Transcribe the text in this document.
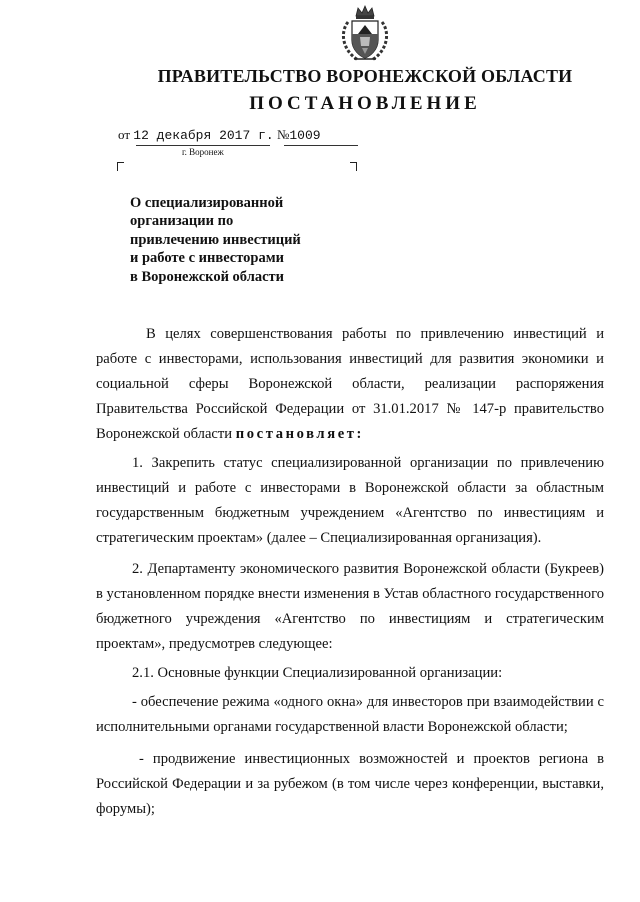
ПРАВИТЕЛЬСТВО ВОРОНЕЖСКОЙ ОБЛАСТИ
ПОСТАНОВЛЕНИЕ
от 12 декабря 2017 г. №1009
г. Воронеж
О специализированной
организации по
привлечению инвестиций
и работе с инвесторами
в Воронежской области

В целях совершенствования работы по привлечению инвестиций и работе с инвесторами, использования инвестиций для развития экономики и социальной сферы Воронежской области, реализации распоряжения Правительства Российской Федерации от 31.01.2017 № 147-р правительство Воронежской области постановляет:

1. Закрепить статус специализированной организации по привлечению инвестиций и работе с инвесторами в Воронежской области за областным государственным бюджетным учреждением «Агентство по инвестициям и стратегическим проектам» (далее – Специализированная организация).

2. Департаменту экономического развития Воронежской области (Букреев) в установленном порядке внести изменения в Устав областного государственного бюджетного учреждения «Агентство по инвестициям и стратегическим проектам», предусмотрев следующее:

2.1. Основные функции Специализированной организации:

- обеспечение режима «одного окна» для инвесторов при взаимодействии с исполнительными органами государственной власти Воронежской области;

- продвижение инвестиционных возможностей и проектов региона в Российской Федерации и за рубежом (в том числе через конференции, выставки, форумы);
